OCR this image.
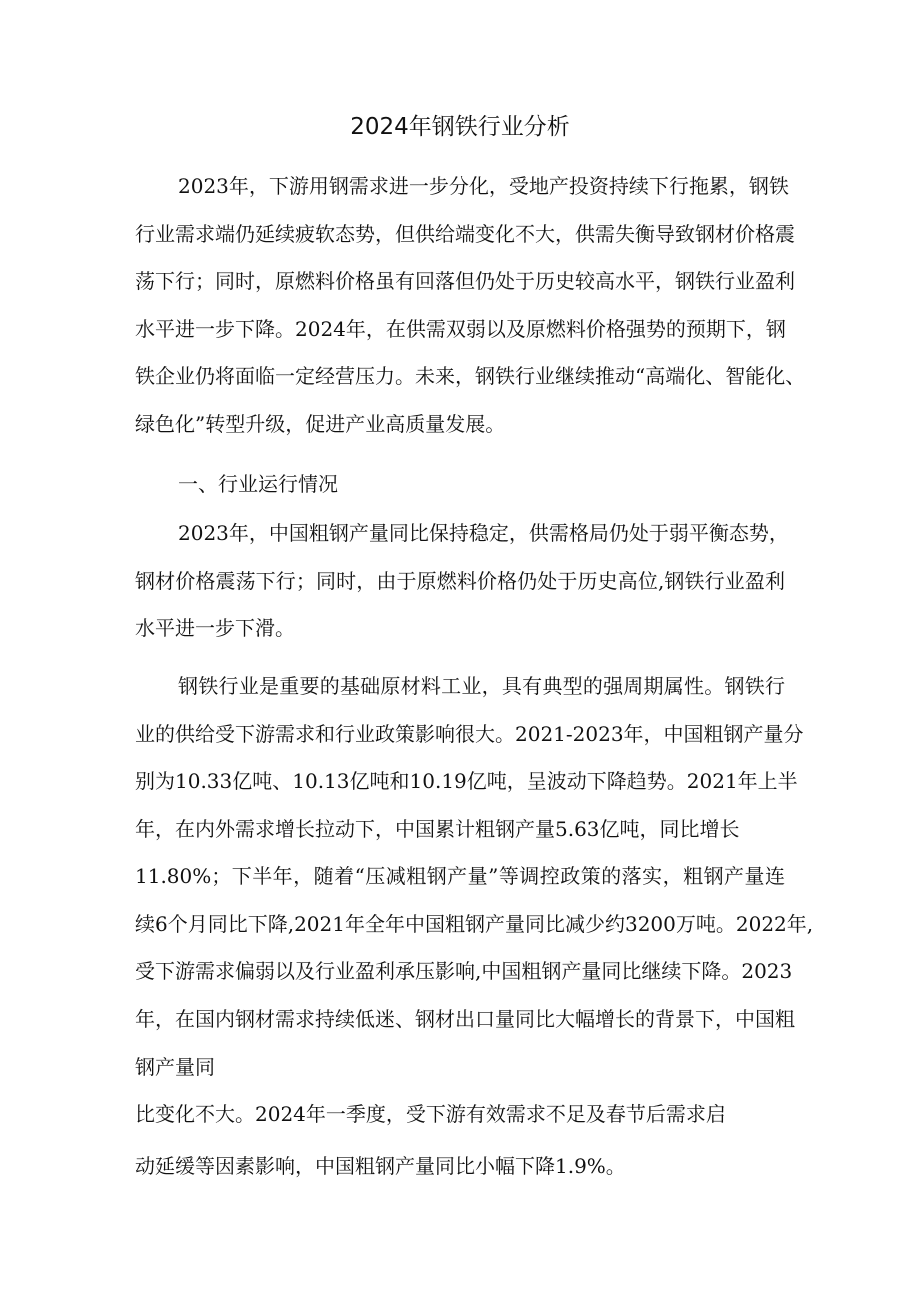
2024年钢铁行业分析
2023年，下游用钢需求进一步分化，受地产投资持续下行拖累，钢铁
行业需求端仍延续疲软态势，但供给端变化不大，供需失衡导致钢材价格震
荡下行；同时，原燃料价格虽有回落但仍处于历史较高水平，钢铁行业盈利
水平进一步下降。2024年，在供需双弱以及原燃料价格强势的预期下，钢
铁企业仍将面临一定经营压力。未来，钢铁行业继续推动“高端化、智能化、
绿色化”转型升级，促进产业高质量发展。
一、行业运行情况
2023年，中国粗钢产量同比保持稳定，供需格局仍处于弱平衡态势，
钢材价格震荡下行；同时，由于原燃料价格仍处于历史高位,钢铁行业盈利
水平进一步下滑。
钢铁行业是重要的基础原材料工业，具有典型的强周期属性。钢铁行
业的供给受下游需求和行业政策影响很大。2021-2023年，中国粗钢产量分
别为10.33亿吨、10.13亿吨和10.19亿吨，呈波动下降趋势。2021年上半
年，在内外需求增长拉动下，中国累计粗钢产量5.63亿吨，同比增长
11.80%；下半年，随着“压减粗钢产量”等调控政策的落实，粗钢产量连
续6个月同比下降,2021年全年中国粗钢产量同比减少约3200万吨。2022年,
受下游需求偏弱以及行业盈利承压影响,中国粗钢产量同比继续下降。2023
年，在国内钢材需求持续低迷、钢材出口量同比大幅增长的背景下，中国粗
钢产量同
比变化不大。2024年一季度，受下游有效需求不足及春节后需求启
动延缓等因素影响，中国粗钢产量同比小幅下降1.9%。
